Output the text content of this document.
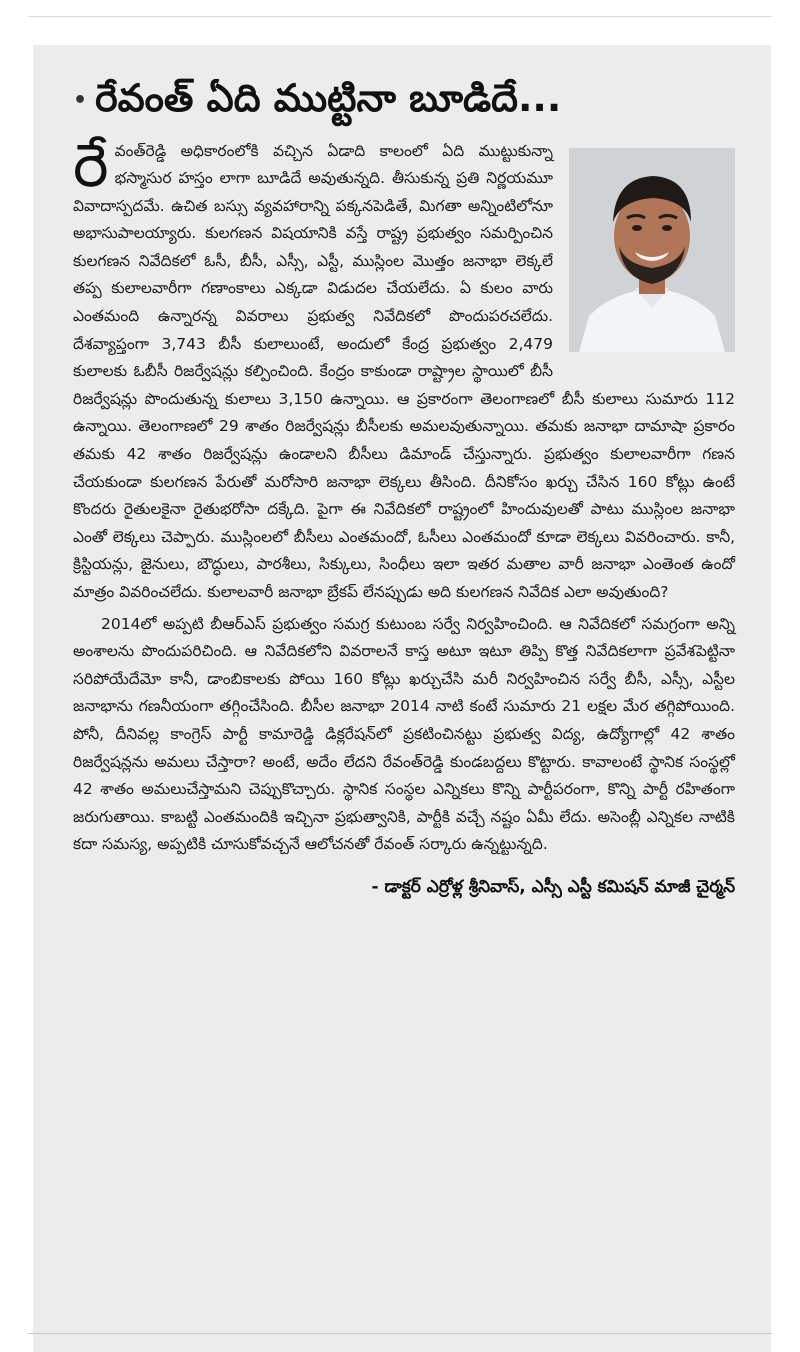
• రేవంత్ ఏది ముట్టినా బూడిదే...

రేవంత్‌రెడ్డి అధికారంలోకి వచ్చిన ఏడాది కాలంలో ఏది ముట్టుకున్నా భస్మాసుర హస్తం లాగా బూడిదే అవుతున్నది. తీసుకున్న ప్రతి నిర్ణయమూ వివాదాస్పదమే. ఉచిత బస్సు వ్యవహారాన్ని పక్కనపెడితే, మిగతా అన్నింటిలోనూ అభాసుపాలయ్యారు. కులగణన విషయానికి వస్తే రాష్ట్ర ప్రభుత్వం సమర్పించిన కులగణన నివేదికలో ఓసీ, బీసీ, ఎస్సీ, ఎస్టీ, ముస్లింల మొత్తం జనాభా లెక్కలే తప్ప కులాలవారీగా గణాంకాలు ఎక్కడా విడుదల చేయలేదు. ఏ కులం వారు ఎంతమంది ఉన్నారన్న వివరాలు ప్రభుత్వ నివేదికలో పొందుపరచలేదు. దేశవ్యాప్తంగా 3,743 బీసీ కులాలుంటే, అందులో కేంద్ర ప్రభుత్వం 2,479 కులాలకు ఓబీసీ రిజర్వేషన్లు కల్పించింది. కేంద్రం కాకుండా రాష్ట్రాల స్థాయిలో బీసీ రిజర్వేషన్లు పొందుతున్న కులాలు 3,150 ఉన్నాయి. ఆ ప్రకారంగా తెలంగాణలో బీసీ కులాలు సుమారు 112 ఉన్నాయి. తెలంగాణలో 29 శాతం రిజర్వేషన్లు బీసీలకు అమలవుతున్నాయి. తమకు జనాభా దామాషా ప్రకారం తమకు 42 శాతం రిజర్వేషన్లు ఉండాలని బీసీలు డిమాండ్ చేస్తున్నారు. ప్రభుత్వం కులాలవారీగా గణన చేయకుండా కులగణన పేరుతో మరోసారి జనాభా లెక్కలు తీసింది. దీనికోసం ఖర్చు చేసిన 160 కోట్లు ఉంటే కొందరు రైతులకైనా రైతుభరోసా దక్కేది. పైగా ఈ నివేదికలో రాష్ట్రంలో హిందువులతో పాటు ముస్లింల జనాభా ఎంతో లెక్కలు చెప్పారు. ముస్లింలలో బీసీలు ఎంతమందో, ఓసీలు ఎంతమందో కూడా లెక్కలు వివరించారు. కానీ, క్రిస్టియన్లు, జైనులు, బౌద్ధులు, పారశీలు, సిక్కులు, సింధీలు ఇలా ఇతర మతాల వారీ జనాభా ఎంతెంత ఉందో మాత్రం వివరించలేదు. కులాలవారీ జనాభా బ్రేకప్ లేనప్పుడు అది కులగణన నివేదిక ఎలా అవుతుంది?

2014లో అప్పటి బీఆర్‌ఎస్ ప్రభుత్వం సమగ్ర కుటుంబ సర్వే నిర్వహించింది. ఆ నివేదికలో సమగ్రంగా అన్ని అంశాలను పొందుపరిచింది. ఆ నివేదికలోని వివరాలనే కాస్త అటూ ఇటూ తిప్పి కొత్త నివేదికలాగా ప్రవేశపెట్టినా సరిపోయేదేమో కానీ, డాంబికాలకు పోయి 160 కోట్లు ఖర్చుచేసి మరీ నిర్వహించిన సర్వే బీసీ, ఎస్సీ, ఎస్టీల జనాభాను గణనీయంగా తగ్గించేసింది. బీసీల జనాభా 2014 నాటి కంటే సుమారు 21 లక్షల మేర తగ్గిపోయింది. పోనీ, దీనివల్ల కాంగ్రెస్ పార్టీ కామారెడ్డి డిక్లరేషన్‌లో ప్రకటించినట్టు ప్రభుత్వ విద్య, ఉద్యోగాల్లో 42 శాతం రిజర్వేషన్లను అమలు చేస్తారా? అంటే, అదేం లేదని రేవంత్‌రెడ్డి కుండబద్దలు కొట్టారు. కావాలంటే స్థానిక సంస్థల్లో 42 శాతం అమలుచేస్తామని చెప్పుకొచ్చారు. స్థానిక సంస్థల ఎన్నికలు కొన్ని పార్టీపరంగా, కొన్ని పార్టీ రహితంగా జరుగుతాయి. కాబట్టి ఎంతమందికి ఇచ్చినా ప్రభుత్వానికి, పార్టీకి వచ్చే నష్టం ఏమీ లేదు. అసెంబ్లీ ఎన్నికల నాటికి కదా సమస్య, అప్పటికి చూసుకోవచ్చనే ఆలోచనతో రేవంత్ సర్కారు ఉన్నట్టున్నది.

- డాక్టర్ ఎర్రోళ్ల శ్రీనివాస్, ఎస్సీ ఎస్టీ కమిషన్ మాజీ చైర్మన్
